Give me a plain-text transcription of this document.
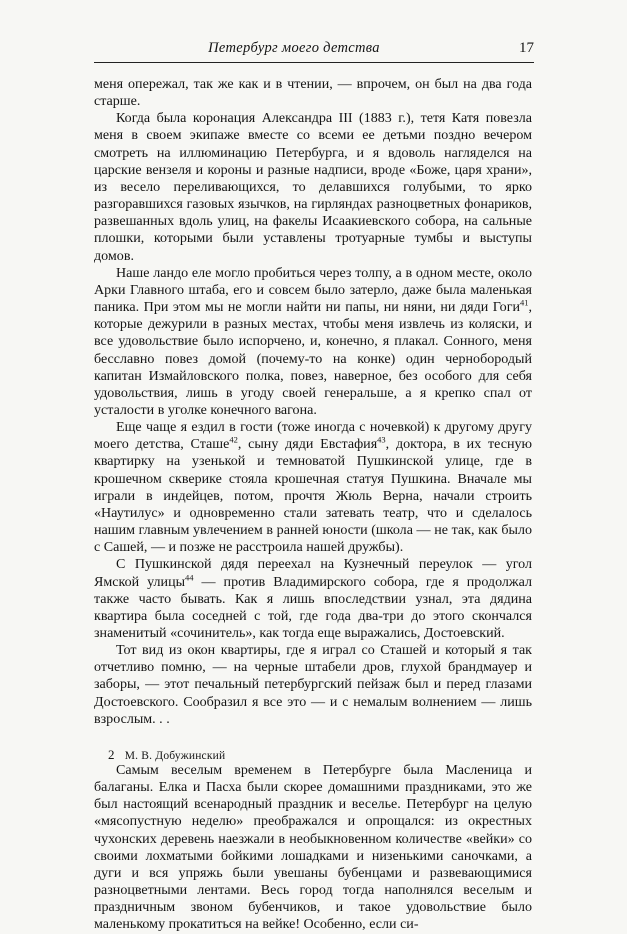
Петербург моего детства	17

меня опережал, так же как и в чтении, — впрочем, он был на два года старше.

Когда была коронация Александра III (1883 г.), тетя Катя повезла меня в своем экипаже вместе со всеми ее детьми поздно вечером смотреть на иллюминацию Петербурга, и я вдоволь нагляделся на царские вензеля и короны и разные надписи, вроде «Боже, царя храни», из весело переливающихся, то делавшихся голубыми, то ярко разгоравшихся газовых язычков, на гирляндах разноцветных фонариков, развешанных вдоль улиц, на факелы Исаакиевского собора, на сальные плошки, которыми были уставлены тротуарные тумбы и выступы домов.

Наше ландо еле могло пробиться через толпу, а в одном месте, около Арки Главного штаба, его и совсем было затерло, даже была маленькая паника. При этом мы не могли найти ни папы, ни няни, ни дяди Гоги$^{41}$, которые дежурили в разных местах, чтобы меня извлечь из коляски, и все удовольствие было испорчено, и, конечно, я плакал. Сонного, меня бесславно повез домой (почему-то на конке) один чернобородый капитан Измайловского полка, повез, наверное, без особого для себя удовольствия, лишь в угоду своей генеральше, а я крепко спал от усталости в уголке конечного вагона.

Еще чаще я ездил в гости (тоже иногда с ночевкой) к другому другу моего детства, Сташе$^{42}$, сыну дяди Евстафия$^{43}$, доктора, в их тесную квартирку на узенькой и темноватой Пушкинской улице, где в крошечном скверике стояла крошечная статуя Пушкина. Вначале мы играли в индейцев, потом, прочтя Жюль Верна, начали строить «Наутилус» и одновременно стали затевать театр, что и сделалось нашим главным увлечением в ранней юности (школа — не так, как было с Сашей, — и позже не расстроила нашей дружбы).

С Пушкинской дядя переехал на Кузнечный переулок — угол Ямской улицы$^{44}$ — против Владимирского собора, где я продолжал также часто бывать. Как я лишь впоследствии узнал, эта дядина квартира была соседней с той, где года два-три до этого скончался знаменитый «сочинитель», как тогда еще выражались, Достоевский.

Тот вид из окон квартиры, где я играл со Сташей и который я так отчетливо помню, — на черные штабели дров, глухой брандмауер и заборы, — этот печальный петербургский пейзаж был и перед глазами Достоевского. Сообразил я все это — и с немалым волнением — лишь взрослым. . .

Самым веселым временем в Петербурге была Масленица и балаганы. Елка и Пасха были скорее домашними праздниками, это же был настоящий всенародный праздник и веселье. Петербург на целую «мясопустную неделю» преображался и опрощался: из окрестных чухонских деревень наезжали в необыкновенном количестве «вейки» со своими лохматыми бойкими лошадками и низенькими саночками, а дуги и вся упряжь были увешаны бубенцами и развевающимися разноцветными лентами. Весь город тогда наполнялся веселым и праздничным звоном бубенчиков, и такое удовольствие было маленькому прокатиться на вейке! Особенно, если си-

2 М. В. Добужинский
